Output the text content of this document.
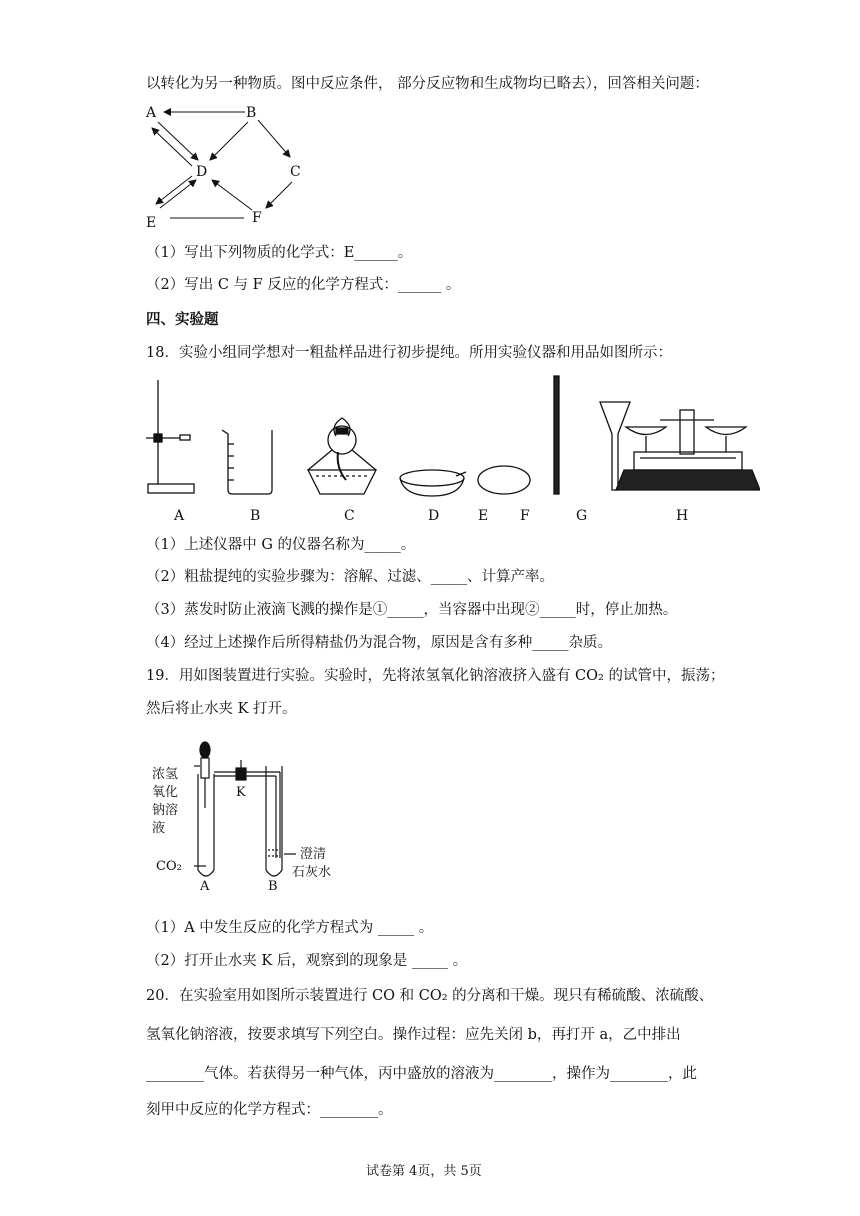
以转化为另一种物质。图中反应条件， 部分反应物和生成物均已略去），回答相关问题：
A	B
C
D
E	F
（1）写出下列物质的化学式：E______。
（2）写出 C 与 F 反应的化学方程式：______ 。
四、实验题
18．实验小组同学想对一粗盐样品进行初步提纯。所用实验仪器和用品如图所示：
A	B	C	D	E F	G	H
（1）上述仪器中 G 的仪器名称为_____。
（2）粗盐提纯的实验步骤为：溶解、过滤、_____、计算产率。
（3）蒸发时防止液滴飞溅的操作是①_____，当容器中出现②_____时，停止加热。
（4）经过上述操作后所得精盐仍为混合物，原因是含有多种_____杂质。
19．用如图装置进行实验。实验时，先将浓氢氧化钠溶液挤入盛有 CO₂ 的试管中，振荡；
然后将止水夹 K 打开。
浓氢
氧化
钠溶
液
K
CO₂
A	B
澄清
石灰水
（1）A 中发生反应的化学方程式为 _____ 。
（2）打开止水夹 K 后，观察到的现象是 _____ 。
20．在实验室用如图所示装置进行 CO 和 CO₂ 的分离和干燥。现只有稀硫酸、浓硫酸、
氢氧化钠溶液，按要求填写下列空白。操作过程：应先关闭 b，再打开 a，乙中排出
________气体。若获得另一种气体，丙中盛放的溶液为________，操作为________，此
刻甲中反应的化学方程式：________。
试卷第 4页，共 5页
